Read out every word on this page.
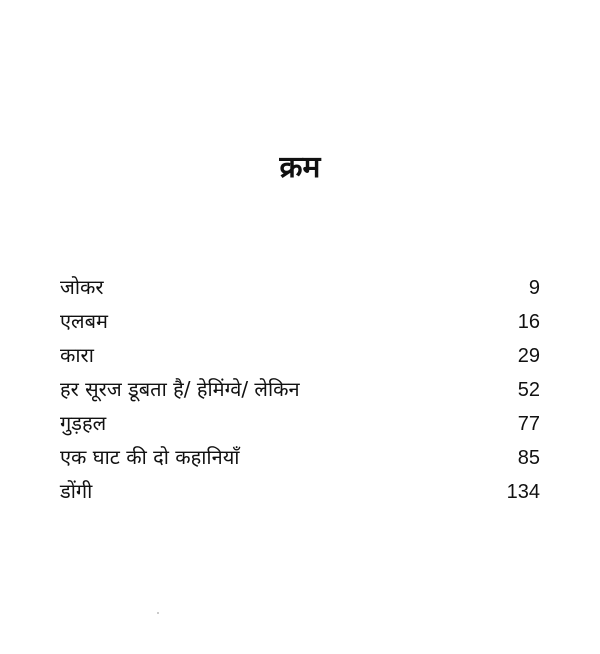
क्रम
जोकर	9
एलबम	16
कारा	29
हर सूरज डूबता है/ हेमिंग्वे/ लेकिन	52
गुड़हल	77
एक घाट की दो कहानियाँ	85
डोंगी	134
